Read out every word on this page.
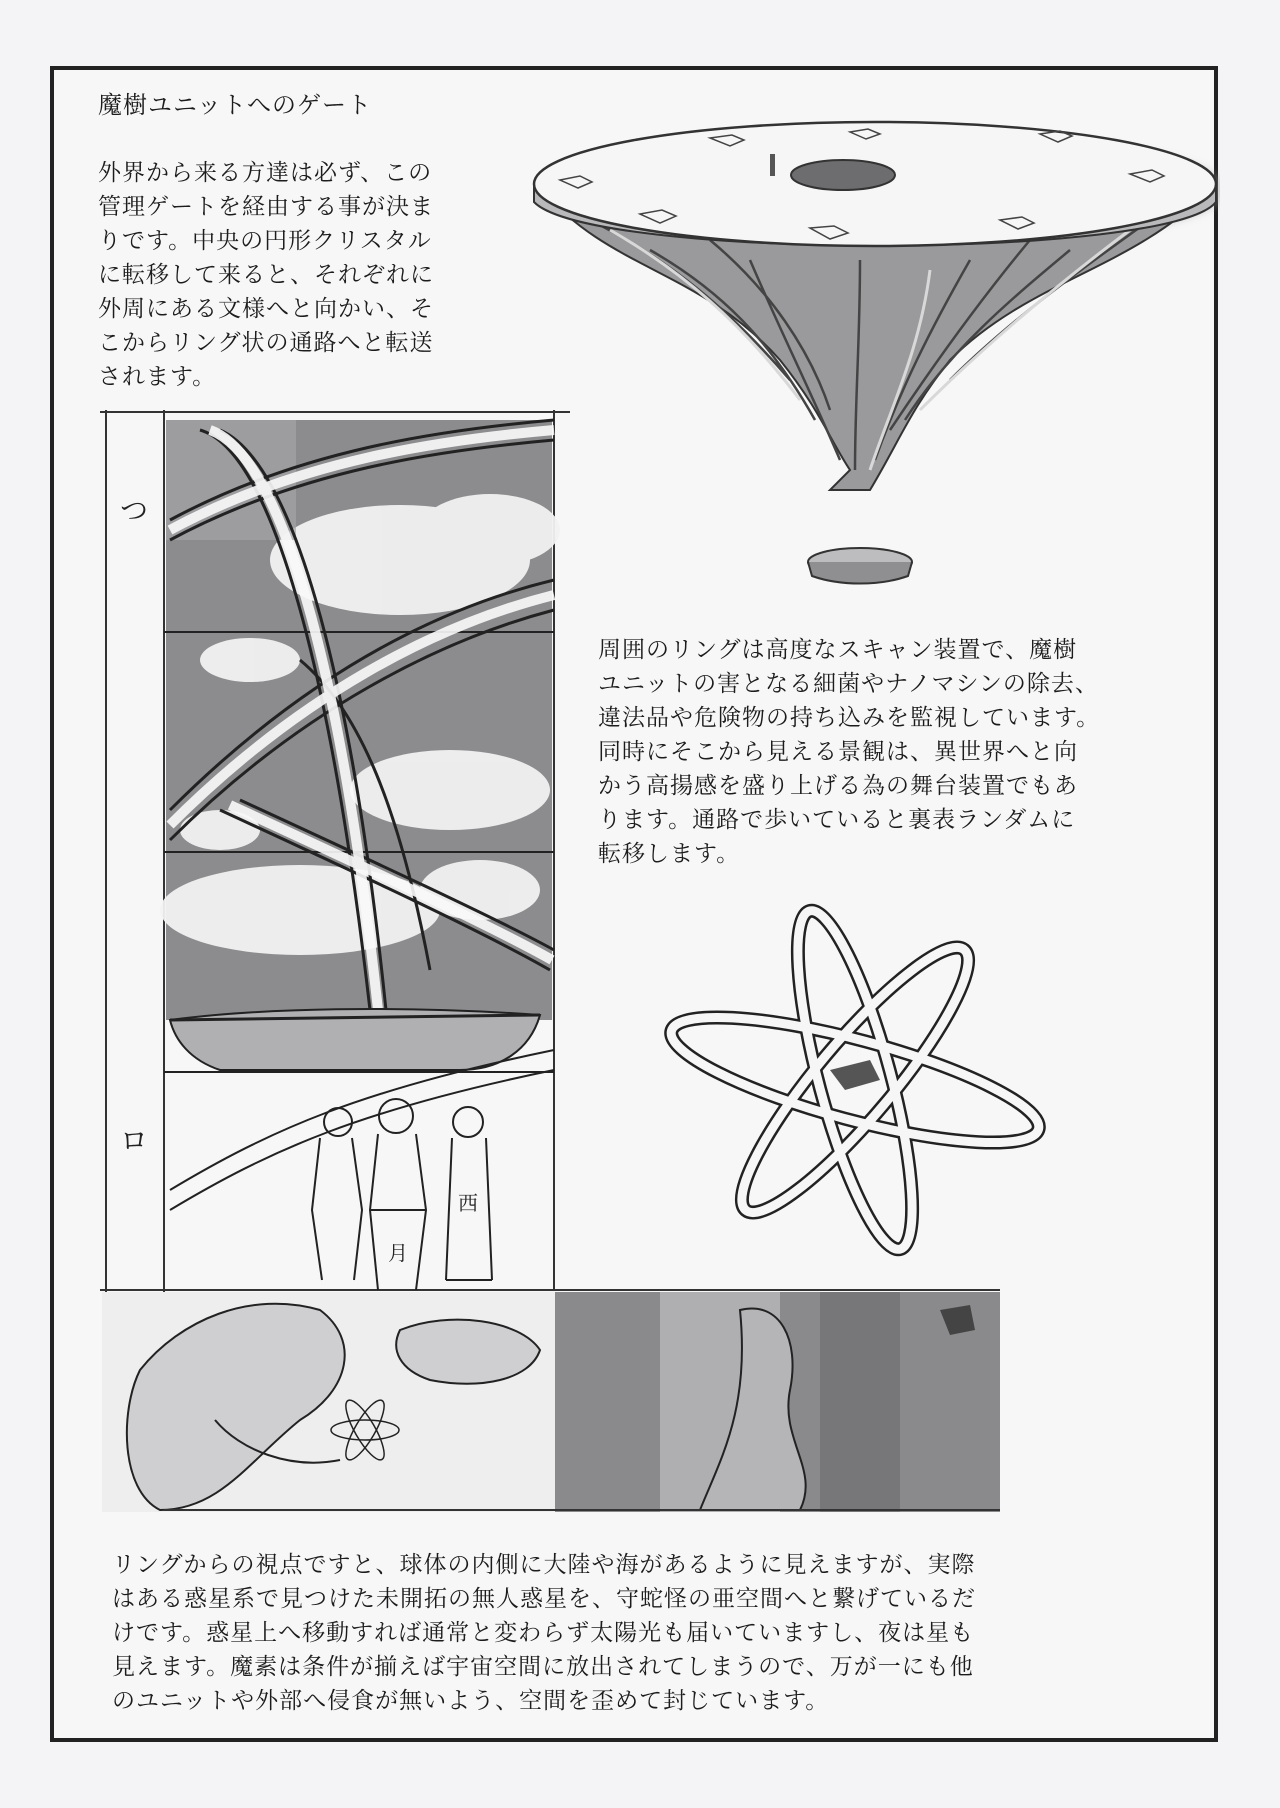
魔樹ユニットへのゲート
外界から来る方達は必ず、この
管理ゲートを経由する事が決ま
りです。中央の円形クリスタル
に転移して来ると、それぞれに
外周にある文様へと向かい、そ
こからリング状の通路へと転送
されます。
月
西
つ
ロ
周囲のリングは高度なスキャン装置で、魔樹
ユニットの害となる細菌やナノマシンの除去、
違法品や危険物の持ち込みを監視しています。
同時にそこから見える景観は、異世界へと向
かう高揚感を盛り上げる為の舞台装置でもあ
ります。通路で歩いていると裏表ランダムに
転移します。
リングからの視点ですと、球体の内側に大陸や海があるように見えますが、実際
はある惑星系で見つけた未開拓の無人惑星を、守蛇怪の亜空間へと繋げているだ
けです。惑星上へ移動すれば通常と変わらず太陽光も届いていますし、夜は星も
見えます。魔素は条件が揃えば宇宙空間に放出されてしまうので、万が一にも他
のユニットや外部へ侵食が無いよう、空間を歪めて封じています。
